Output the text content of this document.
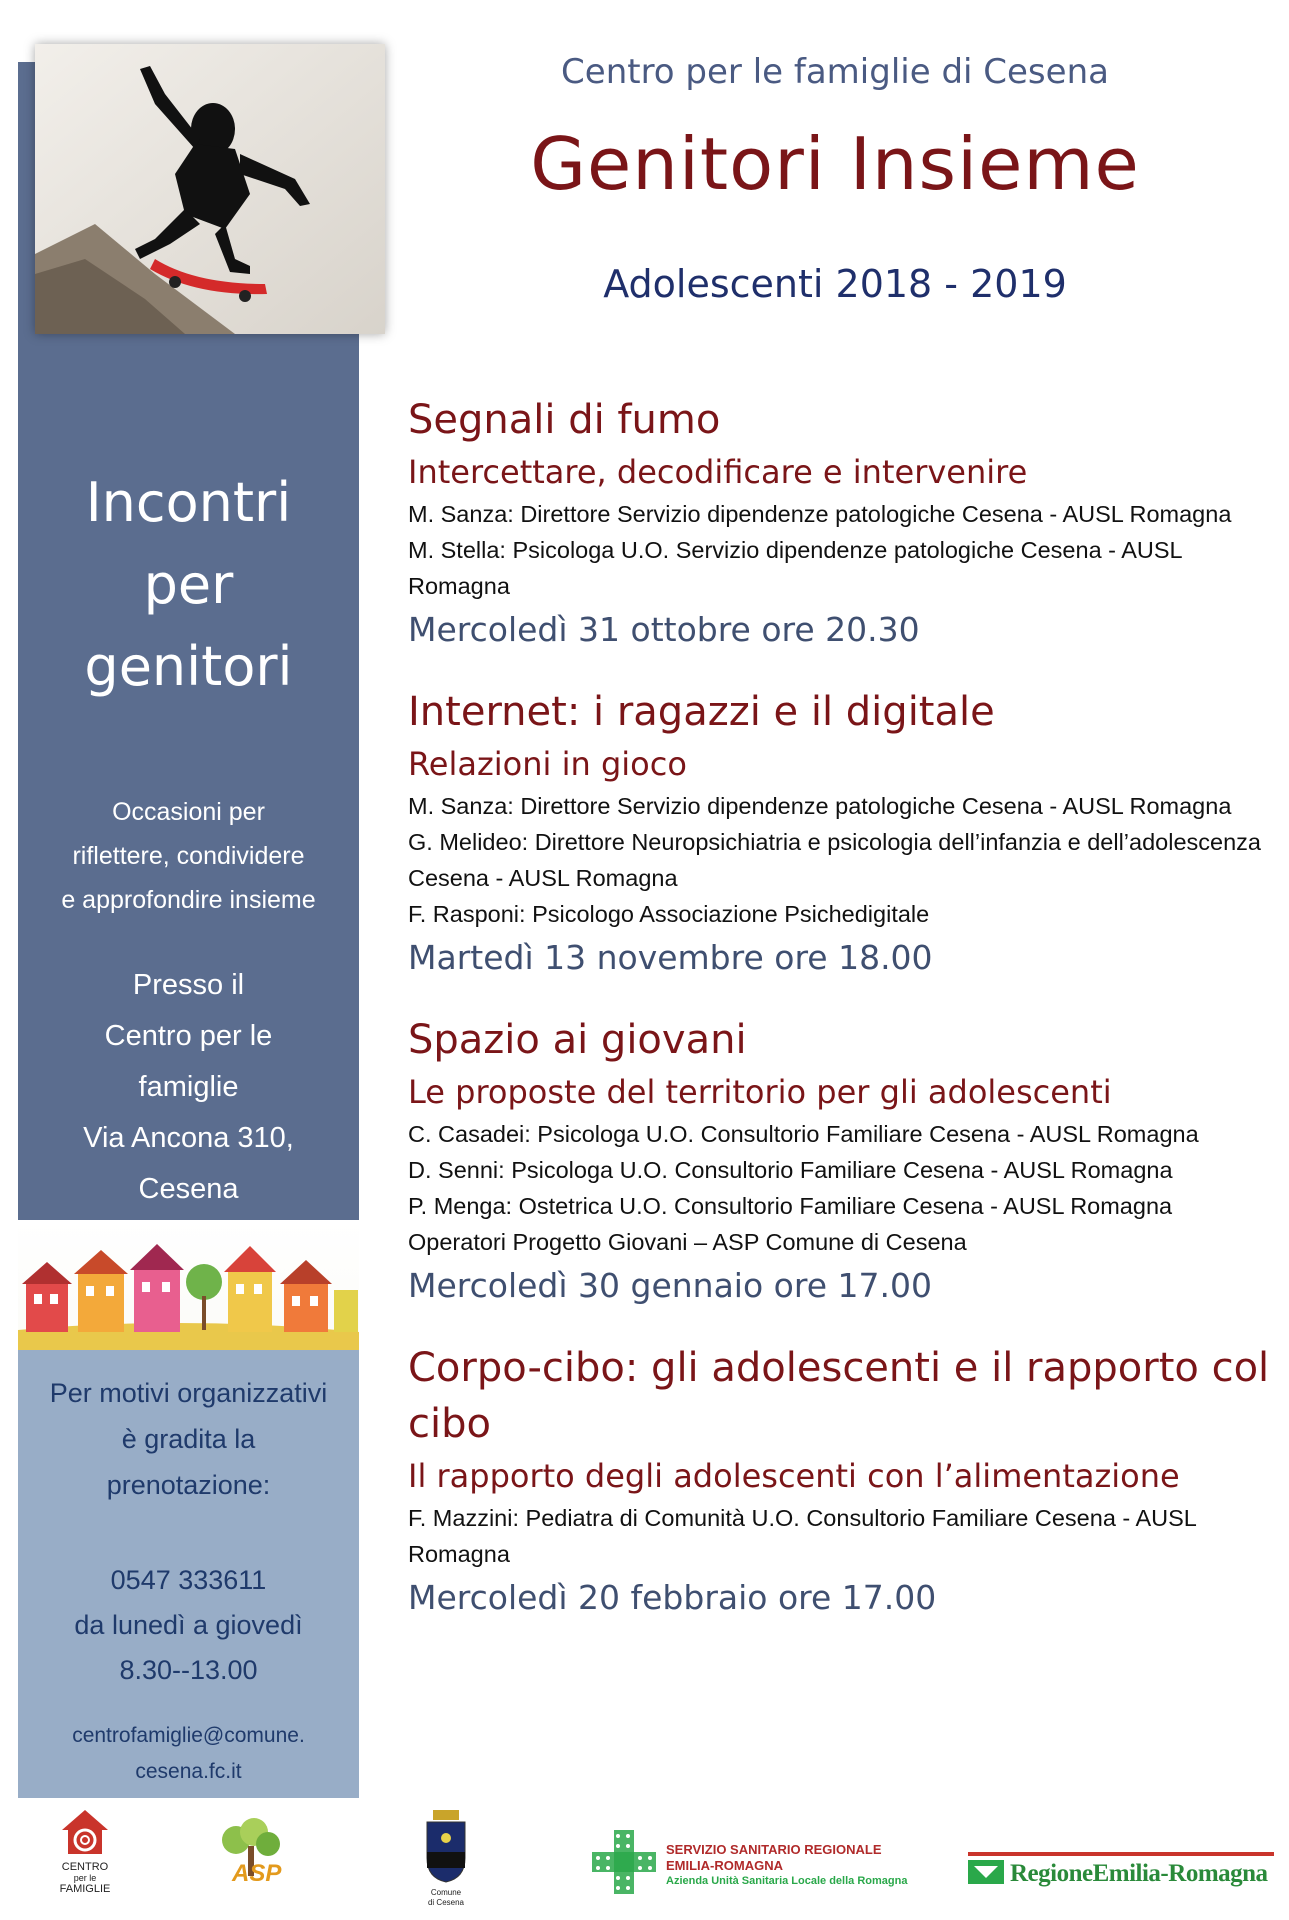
Incontri
per
genitori
Occasioni per
riflettere, condividere
e approfondire insieme
Presso il
Centro per le
famiglie
Via Ancona 310,
Cesena
Per motivi organizzativi
è gradita la
prenotazione:
0547 333611
da lunedì a giovedì
8.30--13.00
centrofamiglie@comune.
cesena.fc.it
Centro per le famiglie di Cesena
Genitori Insieme
Adolescenti 2018 - 2019
Segnali di fumo
Intercettare, decodificare e intervenire
M. Sanza: Direttore Servizio dipendenze patologiche Cesena - AUSL Romagna
M. Stella: Psicologa U.O. Servizio dipendenze patologiche Cesena - AUSL Romagna
Mercoledì 31 ottobre ore 20.30
Internet: i ragazzi e il digitale
Relazioni in gioco
M. Sanza: Direttore Servizio dipendenze patologiche Cesena - AUSL Romagna
G. Melideo: Direttore Neuropsichiatria e psicologia dell’infanzia e dell’adolescenza Cesena - AUSL Romagna
F. Rasponi: Psicologo Associazione Psichedigitale
Martedì 13 novembre ore 18.00
Spazio ai giovani
Le proposte del territorio per gli adolescenti
C. Casadei: Psicologa U.O. Consultorio Familiare Cesena - AUSL Romagna
D. Senni: Psicologa U.O. Consultorio Familiare Cesena - AUSL Romagna
P. Menga: Ostetrica U.O. Consultorio Familiare Cesena - AUSL Romagna
Operatori Progetto Giovani – ASP Comune di Cesena
Mercoledì 30 gennaio ore 17.00
Corpo-cibo: gli adolescenti e il rapporto col cibo
Il rapporto degli adolescenti con l’alimentazione
F. Mazzini: Pediatra di Comunità U.O. Consultorio Familiare Cesena - AUSL Romagna
Mercoledì 20 febbraio ore 17.00
CENTRO
per le
FAMIGLIE
ASP
Comune
di Cesena
SERVIZIO SANITARIO REGIONALE
EMILIA-ROMAGNA
Azienda Unità Sanitaria Locale della Romagna	RegioneEmilia-Romagna
